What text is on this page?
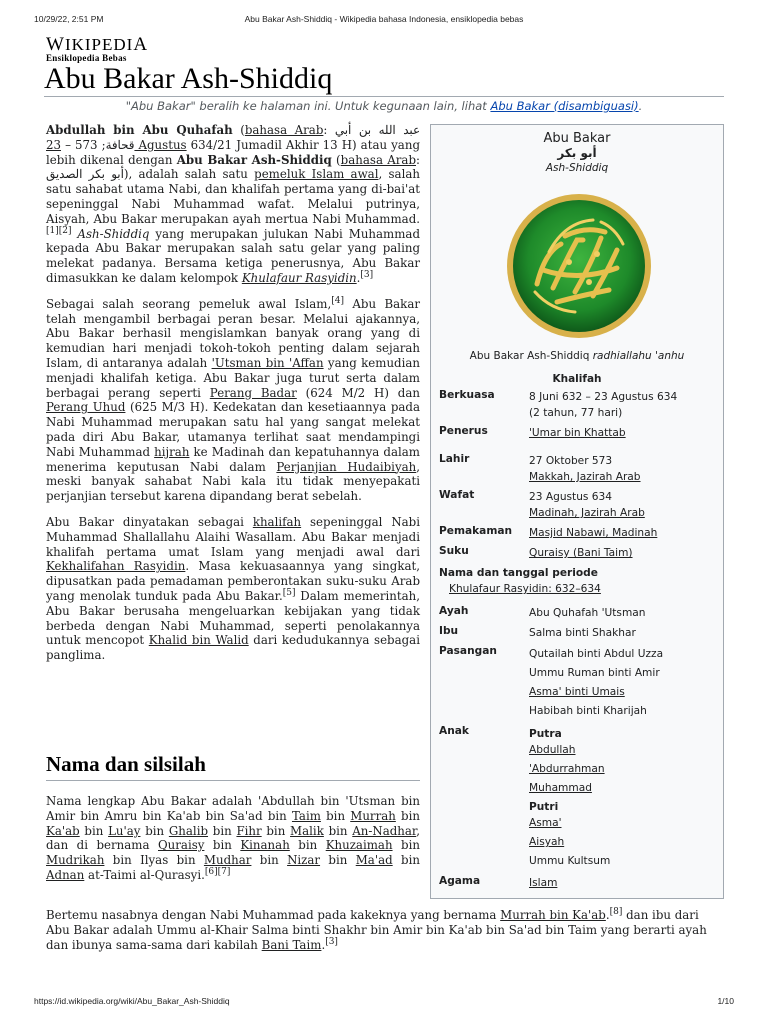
10/29/22, 2:51 PM	Abu Bakar Ash-Shiddiq - Wikipedia bahasa Indonesia, ensiklopedia bebas
WIKIPEDIA
Ensiklopedia Bebas
Abu Bakar Ash-Shiddiq
"Abu Bakar" beralih ke halaman ini. Untuk kegunaan lain, lihat Abu Bakar (disambiguasi).

Abdullah bin Abu Quhafah (bahasa Arab: عبد الله بن أبي قحافة; 573 – 23 Agustus 634/21 Jumadil Akhir 13 H) atau yang lebih dikenal dengan Abu Bakar Ash-Shiddiq (bahasa Arab: أبو بكر الصديق), adalah salah satu pemeluk Islam awal, salah satu sahabat utama Nabi, dan khalifah pertama yang di-bai'at sepeninggal Nabi Muhammad wafat. Melalui putrinya, Aisyah, Abu Bakar merupakan ayah mertua Nabi Muhammad.[1][2] Ash-Shiddiq yang merupakan julukan Nabi Muhammad kepada Abu Bakar merupakan salah satu gelar yang paling melekat padanya. Bersama ketiga penerusnya, Abu Bakar dimasukkan ke dalam kelompok Khulafaur Rasyidin.[3]

Sebagai salah seorang pemeluk awal Islam,[4] Abu Bakar telah mengambil berbagai peran besar. Melalui ajakannya, Abu Bakar berhasil mengislamkan banyak orang yang di kemudian hari menjadi tokoh-tokoh penting dalam sejarah Islam, di antaranya adalah 'Utsman bin 'Affan yang kemudian menjadi khalifah ketiga. Abu Bakar juga turut serta dalam berbagai perang seperti Perang Badar (624 M/2 H) dan Perang Uhud (625 M/3 H). Kedekatan dan kesetiaannya pada Nabi Muhammad merupakan satu hal yang sangat melekat pada diri Abu Bakar, utamanya terlihat saat mendampingi Nabi Muhammad hijrah ke Madinah dan kepatuhannya dalam menerima keputusan Nabi dalam Perjanjian Hudaibiyah, meski banyak sahabat Nabi kala itu tidak menyepakati perjanjian tersebut karena dipandang berat sebelah.

Abu Bakar dinyatakan sebagai khalifah sepeninggal Nabi Muhammad Shallallahu Alaihi Wasallam. Abu Bakar menjadi khalifah pertama umat Islam yang menjadi awal dari Kekhalifahan Rasyidin. Masa kekuasaannya yang singkat, dipusatkan pada pemadaman pemberontakan suku-suku Arab yang menolak tunduk pada Abu Bakar.[5] Dalam memerintah, Abu Bakar berusaha mengeluarkan kebijakan yang tidak berbeda dengan Nabi Muhammad, seperti penolakannya untuk mencopot Khalid bin Walid dari kedudukannya sebagai panglima.

Nama dan silsilah

Nama lengkap Abu Bakar adalah 'Abdullah bin 'Utsman bin Amir bin Amru bin Ka'ab bin Sa'ad bin Taim bin Murrah bin Ka'ab bin Lu'ay bin Ghalib bin Fihr bin Malik bin An-Nadhar, dan di bernama Quraisy bin Kinanah bin Khuzaimah bin Mudrikah bin Ilyas bin Mudhar bin Nizar bin Ma'ad bin Adnan at-Taimi al-Qurasyi.[6][7]

Bertemu nasabnya dengan Nabi Muhammad pada kakeknya yang bernama Murrah bin Ka'ab.[8] dan ibu dari Abu Bakar adalah Ummu al-Khair Salma binti Shakhr bin Amir bin Ka'ab bin Sa'ad bin Taim yang berarti ayah dan ibunya sama-sama dari kabilah Bani Taim.[3]
Abu Bakar
أبو بكر
Ash-Shiddiq
Abu Bakar Ash-Shiddiq radhiallahu 'anhu
Khalifah
Berkuasa	8 Juni 632 – 23 Agustus 634
(2 tahun, 77 hari)
Penerus	'Umar bin Khattab
Lahir	27 Oktober 573
Makkah, Jazirah Arab
Wafat	23 Agustus 634
Madinah, Jazirah Arab
Pemakaman	Masjid Nabawi, Madinah
Suku	Quraisy (Bani Taim)
Nama dan tanggal periode
Khulafaur Rasyidin: 632–634
Ayah	Abu Quhafah 'Utsman
Ibu	Salma binti Shakhar
Pasangan	Qutailah binti Abdul Uzza
Ummu Ruman binti Amir
Asma' binti Umais
Habibah binti Kharijah
Anak	Putra
Abdullah
'Abdurrahman
Muhammad
Putri
Asma'
Aisyah
Ummu Kultsum
Agama	Islam
https://id.wikipedia.org/wiki/Abu_Bakar_Ash-Shiddiq	1/10
